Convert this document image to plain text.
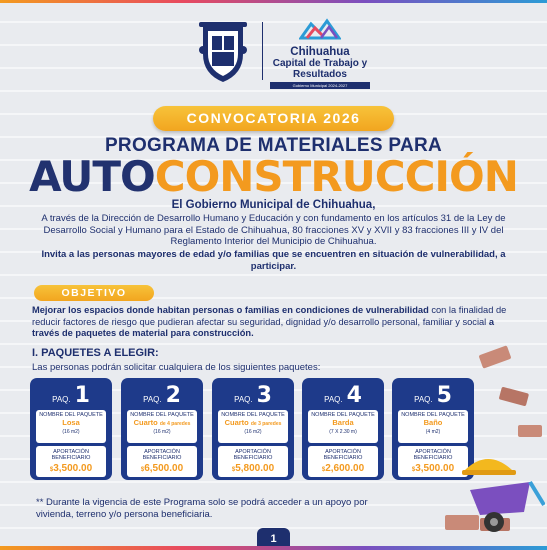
Chihuahua
Capital de Trabajo y Resultados
Gobierno Municipal 2024-2027
CONVOCATORIA 2026
PROGRAMA DE MATERIALES PARA
AUTOCONSTRUCCIÓN
El Gobierno Municipal de Chihuahua,
A través de la Dirección de Desarrollo Humano y Educación y con fundamento en los artículos 31 de la Ley de Desarrollo Social y Humano para el Estado de Chihuahua, 80 fracciones XV y XVII y 83 fracciones III y IV del Reglamento Interior del Municipio de Chihuahua.
Invita a las personas mayores de edad y/o familias que se encuentren en situación de vulnerabilidad, a participar.
OBJETIVO
Mejorar los espacios donde habitan personas o familias en condiciones de vulnerabilidad con la finalidad de reducir factores de riesgo que pudieran afectar su seguridad, dignidad y/o desarrollo personal, familiar y social a través de paquetes de material para construcción.
I. PAQUETES A ELEGIR:
Las personas podrán solicitar cualquiera de los siguientes paquetes:
PAQ. 1
NOMBRE DEL PAQUETE
Losa
(16 m2)
APORTACIÓN BENEFICIARIO
$3,500.00
PAQ. 2
NOMBRE DEL PAQUETE
Cuarto de 4 paredes
(16 m2)
APORTACIÓN BENEFICIARIO
$6,500.00
PAQ. 3
NOMBRE DEL PAQUETE
Cuarto de 3 paredes
(16 m2)
APORTACIÓN BENEFICIARIO
$5,800.00
PAQ. 4
NOMBRE DEL PAQUETE
Barda
(7 X 2.30 m)
APORTACIÓN BENEFICIARIO
$2,600.00
PAQ. 5
NOMBRE DEL PAQUETE
Baño
(4 m2)
APORTACIÓN BENEFICIARIO
$3,500.00
** Durante la vigencia de este Programa solo se podrá acceder a un apoyo por vivienda, terreno y/o persona beneficiaria.
1
